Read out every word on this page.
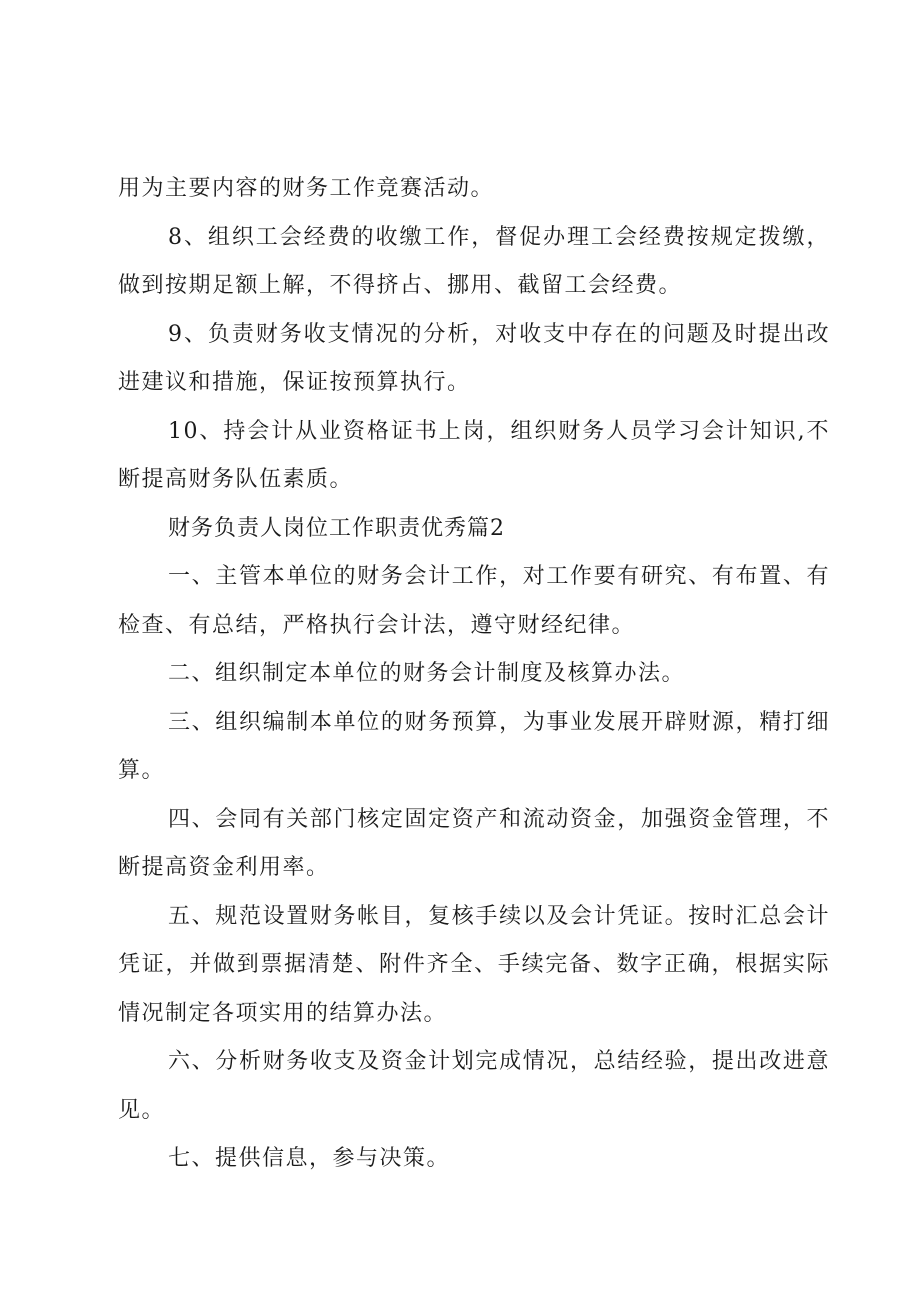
用为主要内容的财务工作竞赛活动。

8、组织工会经费的收缴工作，督促办理工会经费按规定拨缴，做到按期足额上解，不得挤占、挪用、截留工会经费。

9、负责财务收支情况的分析，对收支中存在的问题及时提出改进建议和措施，保证按预算执行。

10、持会计从业资格证书上岗，组织财务人员学习会计知识,不断提高财务队伍素质。

财务负责人岗位工作职责优秀篇2

一、主管本单位的财务会计工作，对工作要有研究、有布置、有检查、有总结，严格执行会计法，遵守财经纪律。

二、组织制定本单位的财务会计制度及核算办法。

三、组织编制本单位的财务预算，为事业发展开辟财源，精打细算。

四、会同有关部门核定固定资产和流动资金，加强资金管理，不断提高资金利用率。

五、规范设置财务帐目，复核手续以及会计凭证。按时汇总会计凭证，并做到票据清楚、附件齐全、手续完备、数字正确，根据实际情况制定各项实用的结算办法。

六、分析财务收支及资金计划完成情况，总结经验，提出改进意见。

七、提供信息，参与决策。
